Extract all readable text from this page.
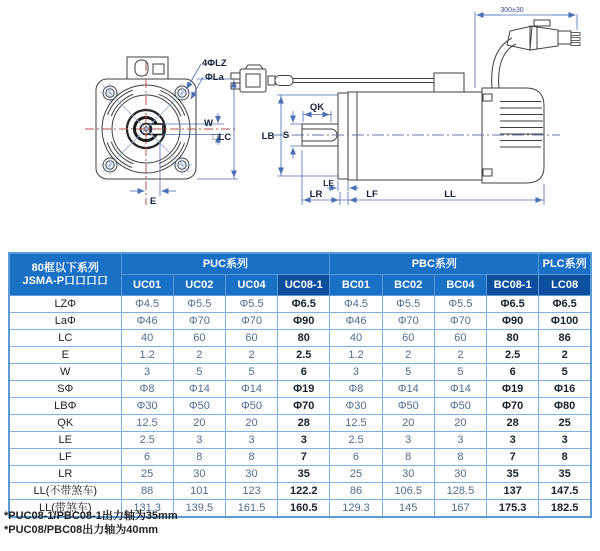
4ΦLZ
ΦLa
W
□LC
E
300±30
QK
S
LB
LE
LR	LF	LL
80框以下系列
JSMA-P口口口口	PUC系列				PBC系列				PLC系列
	UC01	UC02	UC04	UC08-1	BC01	BC02	BC04	BC08-1	LC08
LZΦ	Φ4.5	Φ5.5	Φ5.5	Φ6.5	Φ4.5	Φ5.5	Φ5.5	Φ6.5	Φ6.5
LaΦ	Φ46	Φ70	Φ70	Φ90	Φ46	Φ70	Φ70	Φ90	Φ100
LC	40	60	60	80	40	60	60	80	86
E	1.2	2	2	2.5	1.2	2	2	2.5	2
W	3	5	5	6	3	5	5	6	5
SΦ	Φ8	Φ14	Φ14	Φ19	Φ8	Φ14	Φ14	Φ19	Φ16
LBΦ	Φ30	Φ50	Φ50	Φ70	Φ30	Φ50	Φ50	Φ70	Φ80
QK	12.5	20	20	28	12.5	20	20	28	25
LE	2.5	3	3	3	2.5	3	3	3	3
LF	6	8	8	7	6	8	8	7	8
LR	25	30	30	35	25	30	30	35	35
LL(不带煞车)	88	101	123	122.2	86	106.5	128.5	137	147.5
LL(带煞车)	131.3	139.5	161.5	160.5	129.3	145	167	175.3	182.5
*PUC08-1/PBC08-1出力轴为35mm
*PUC08/PBC08出力轴为40mm
